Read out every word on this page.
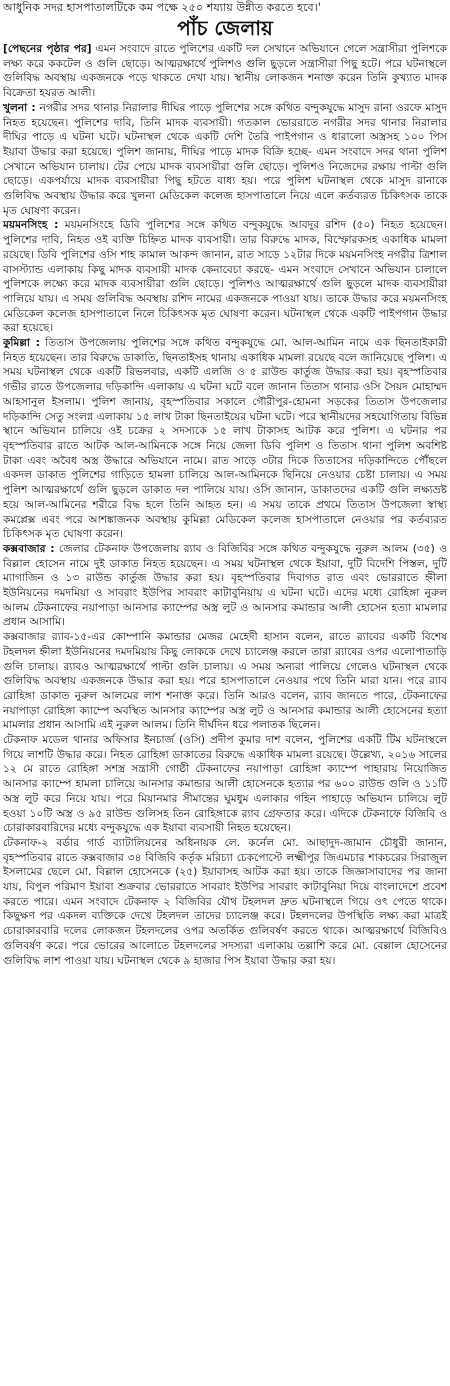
আধুনিক সদর হাসপাতালটিকে কম পক্ষে ২৫০ শয্যায় উন্নীত করতে হবে।'
পাঁচ জেলায়

[পেছনের পৃষ্ঠার পর] এমন সংবাদে রাতে পুলিশের একটি দল সেখানে অভিযানে গেলে সন্ত্রাসীরা পুলিশকে লক্ষ্য করে ককটেল ও গুলি ছোড়ে। আত্মরক্ষার্থে পুলিশও গুলি ছুড়লে সন্ত্রাসীরা পিছু হটে। পরে ঘটনাস্থলে গুলিবিদ্ধ অবস্থায় একজনকে পড়ে থাকতে দেখা যায়। স্থানীয় লোকজন শনাক্ত করেন তিনি কুখ্যাত মাদক বিক্রেতা হযরত আলী।

খুলনা : নগরীর সদর থানার নিরালার দীঘির পাড়ে পুলিশের সঙ্গে কথিত বন্দুকযুদ্ধে মাসুদ রানা ওরফে মাসুদ নিহত হয়েছেন। পুলিশের দাবি, তিনি মাদক ব্যবসায়ী। গতকাল ভোররাতে নগরীর সদর থানার নিরালার দীঘির পাড়ে এ ঘটনা ঘটে। ঘটনাস্থল থেকে একটি দেশি তৈরি পাইপগান ও ধারালো অস্ত্রসহ ১০০ পিস ইয়াবা উদ্ধার করা হয়েছে। পুলিশ জানায়, দীঘির পাড়ে মাদক বিক্রি হচ্ছে- এমন সংবাদে সদর থানা পুলিশ সেখানে অভিযান চালায়। টের পেয়ে মাদক ব্যবসায়ীরা গুলি ছোড়ে। পুলিশও নিজেদের রক্ষায় পাল্টা গুলি ছোড়ে। একপর্যায়ে মাদক ব্যবসায়ীরা পিছু হটতে বাধ্য হয়। পরে পুলিশ ঘটনাস্থল থেকে মাসুদ রানাকে গুলিবিদ্ধ অবস্থায় উদ্ধার করে খুলনা মেডিকেল কলেজ হাসপাতালে নিয়ে এলে কর্তব্যরত চিকিৎসক তাকে মৃত ঘোষণা করেন।

ময়মনসিংহ : ময়মনসিংহে ডিবি পুলিশের সঙ্গে কথিত বন্দুকযুদ্ধে আবদুর রশিদ (৫০) নিহত হয়েছেন। পুলিশের দাবি, নিহত ওই ব্যক্তি চিহ্নিত মাদক ব্যবসায়ী। তার বিরুদ্ধে মাদক, বিস্ফোরকসহ একাধিক মামলা রয়েছে। ডিবি পুলিশের ওসি শাহ কামাল আকন্দ জানান, রাত সাড়ে ১২টার দিকে ময়মনসিংহ নগরীর ত্রিশাল বাসস্ট্যান্ড এলাকায় কিছু মাদক ব্যবসায়ী মাদক কেনাবেচা করছে- এমন সংবাদে সেখানে অভিযান চালালে পুলিশকে লক্ষ্যে করে মাদক ব্যবসায়ীরা গুলি ছোড়ে। পুলিশও আত্মরক্ষার্থে গুলি ছুড়লে মাদক ব্যবসায়ীরা পালিয়ে যায়। এ সময় গুলিবিদ্ধ অবস্থায় রশিদ নামের একজনকে পাওয়া যায়। তাকে উদ্ধার করে ময়মনসিংহ মেডিকেল কলেজ হাসপাতালে নিলে চিকিৎসক মৃত ঘোষণা করেন। ঘটনাস্থল থেকে একটি পাইপগান উদ্ধার করা হয়েছে।

কুমিল্লা : তিতাস উপজেলায় পুলিশের সঙ্গে কথিত বন্দুকযুদ্ধে মো. আল-আমিন নামে এক ছিনতাইকারী নিহত হয়েছেন। তার বিরুদ্ধে ডাকাতি, ছিনতাইসহ থানায় একাধিক মামলা রয়েছে বলে জানিয়েছে পুলিশ। এ সময় ঘটনাস্থল থেকে একটি রিভলবার, একটি এলজি ও ৫ রাউন্ড কার্তুজ উদ্ধার করা হয়। বৃহস্পতিবার গভীর রাতে উপজেলার দড়িকান্দি এলাকায় এ ঘটনা ঘটে বলে জানান তিতাস থানার ওসি সৈয়দ মোহাম্মদ আহসানুল ইসলাম। পুলিশ জানায়, বৃহস্পতিবার সকালে গৌরীপুর-হোমনা সড়কের তিতাস উপজেলার দড়িকান্দি সেতু সংলগ্ন এলাকায় ১৫ লাখ টাকা ছিনতাইয়ের ঘটনা ঘটে। পরে স্থানীয়দের সহযোগিতায় বিভিন্ন স্থানে অভিযান চালিয়ে ওই চক্রের ২ সদস্যকে ১৫ লাখ টাকাসহ আটক করে পুলিশ। এ ঘটনার পর বৃহস্পতিবার রাতে আটক আল-আমিনকে সঙ্গে নিয়ে জেলা ডিবি পুলিশ ও তিতাস থানা পুলিশ অবশিষ্ট টাকা এবং অবৈধ অস্ত্র উদ্ধারে অভিযানে নামে। রাত সাড়ে ৩টার দিকে তিতাসের দড়িকান্দিতে পৌঁছলে একদল ডাকাত পুলিশের গাড়িতে হামলা চালিয়ে আল-আমিনকে ছিনিয়ে নেওয়ার চেষ্টা চালায়। এ সময় পুলিশ আত্মরক্ষার্থে গুলি ছুড়লে ডাকাত দল পালিয়ে যায়। ওসি জানান, ডাকাতদের একটি গুলি লক্ষ্যভ্রষ্ট হয়ে আল-আমিনের শরীরে বিদ্ধ হলে তিনি আহত হন। এ সময় তাকে প্রথমে তিতাস উপজেলা স্বাস্থ্য কমপ্লেক্স এবং পরে আশঙ্কাজনক অবস্থায় কুমিল্লা মেডিকেল কলেজ হাসপাতালে নেওয়ার পর কর্তব্যরত চিকিৎসক মৃত ঘোষণা করেন।

কক্সবাজার : জেলার টেকনাফ উপজেলায় র‌্যাব ও বিজিবির সঙ্গে কথিত বন্দুকযুদ্ধে নুরুল আলম (৩৫) ও বিল্লাল হোসেন নামে দুই ডাকাত নিহত হয়েছেন। এ সময় ঘটনাস্থল থেকে ইয়াবা, দুটি বিদেশি পিস্তল, দুটি ম্যাগাজিন ও ১৩ রাউন্ড কার্তুজ উদ্ধার করা হয়। বৃহস্পতিবার দিবাগত রাত এবং ভোররাতে হ্নীলা ইউনিয়নের দমদমিয়া ও সাবরাং ইউপির সাবরাং কাটাবুনিয়ায় এ ঘটনা ঘটে। এদের মধ্যে রোহিঙ্গা নুরুল আলম টেকনাফের নয়াপাড়া আনসার ক্যাম্পের অস্ত্র লুট ও আনসার কমান্ডার আলী হোসেন হত্যা মামলার প্রধান আসামি।

কক্সবাজার র‌্যাব-১৫-এর কোম্পানি কমান্ডার মেজর মেহেদী হাসান বলেন, রাতে র‌্যাবের একটি বিশেষ টহলদল হ্নীলা ইউনিয়নের দমদমিয়ায় কিছু লোককে দেখে চ্যালেঞ্জ করলে তারা র‌্যাবের ওপর এলোপাতাড়ি গুলি চালায়। র‌্যাবও আত্মরক্ষার্থে পাল্টা গুলি চালায়। এ সময় অন্যরা পালিয়ে গেলেও ঘটনাস্থল থেকে গুলিবিদ্ধ অবস্থায় একজনকে উদ্ধার করা হয়। পরে হাসপাতালে নেওয়ার পথে তিনি মারা যান। পরে র‌্যাব রোহিঙ্গা ডাকাত নুরুল আলমের লাশ শনাক্ত করে। তিনি আরও বলেন, র‌্যাব জানতে পারে, টেকনাফের নয়াপাড়া রোহিঙ্গা ক্যাম্পে অবস্থিত আনসার ক্যাম্পের অস্ত্র লুট ও আনসার কমান্ডার আলী হোসেনের হত্যা মামলার প্রধান আসামি এই নুরুল আলম। তিনি দীর্ঘদিন ধরে পলাতক ছিলেন।

টেকনাফ মডেল থানার অফিসার ইনচার্জ (ওসি) প্রদীপ কুমার দাশ বলেন, পুলিশের একটি টিম ঘটনাস্থলে গিয়ে লাশটি উদ্ধার করে। নিহত রোহিঙ্গা ডাকাতের বিরুদ্ধে একাধিক মামলা রয়েছে। উল্লেখ্য, ২০১৬ সালের ১২ মে রাতে রোহিঙ্গা সশস্ত্র সন্ত্রাসী গোষ্ঠী টেকনাফের নয়াপাড়া রোহিঙ্গা ক্যাম্পে পাহারায় নিয়োজিত আনসার ক্যাম্পে হামলা চালিয়ে আনসার কমান্ডার আলী হোসেনকে হত্যার পর ৬০০ রাউন্ড গুলি ও ১১টি অস্ত্র লুট করে নিয়ে যায়। পরে মিয়ানমার সীমান্তের ঘুমধুম এলাকার গহিন পাহাড়ে অভিযান চালিয়ে লুট হওয়া ১০টি অস্ত্র ও ৯৫ রাউন্ড গুলিসহ তিন রোহিঙ্গাকে র‌্যাব গ্রেফতার করে। এদিকে টেকনাফে বিজিবি ও চোরাকারবারিদের মধ্যে বন্দুকযুদ্ধে এক ইয়াবা ব্যবসায়ী নিহত হয়েছেন।

টেকনাফ-২ বর্ডার গার্ড ব্যাটালিয়নের অধিনায়ক লে. কর্নেল মো. আছাদুদ-জামান চৌধুরী জানান, বৃহস্পতিবার রাতে কক্সবাজার ৩৪ বিজিবি কর্তৃক মরিচ্যা চেকপোস্টে লক্ষ্মীপুর জিএমচার শাকচরের সিরাজুল ইসলামের ছেলে মো. বিল্লাল হোসেনকে (২৫) ইয়াবাসহ আটক করা হয়। তাকে জিজ্ঞাসাবাদের পর জানা যায়, বিপুল পরিমাণ ইয়াবা শুক্রবার ভোররাতে সাবরাং ইউপির সাবরাং কাটাবুনিয়া দিয়ে বাংলাদেশে প্রবেশ করতে পারে। এমন সংবাদে টেকনাফ ২ বিজিবির যৌথ টহলদল দ্রুত ঘটনাস্থলে গিয়ে ওৎ পেতে থাকে। কিছুক্ষণ পর একদল ব্যক্তিকে দেখে টহলদল তাদের চ্যালেঞ্জ করে। টহলদলের উপস্থিতি লক্ষ্য করা মাত্রই চোরাকারবারি দলের লোকজন টহলদলের ওপর অতর্কিত গুলিবর্ষণ করতে থাকে। আত্মরক্ষার্থে বিজিবিও গুলিবর্ষণ করে। পরে ভোরের আলোতে টহলদলের সদস্যরা এলাকায় তল্লাশি করে মো. বেল্লাল হোসেনের গুলিবিদ্ধ লাশ পাওয়া যায়। ঘটনাস্থল থেকে ৯ হাজার পিস ইয়াবা উদ্ধার করা হয়।
